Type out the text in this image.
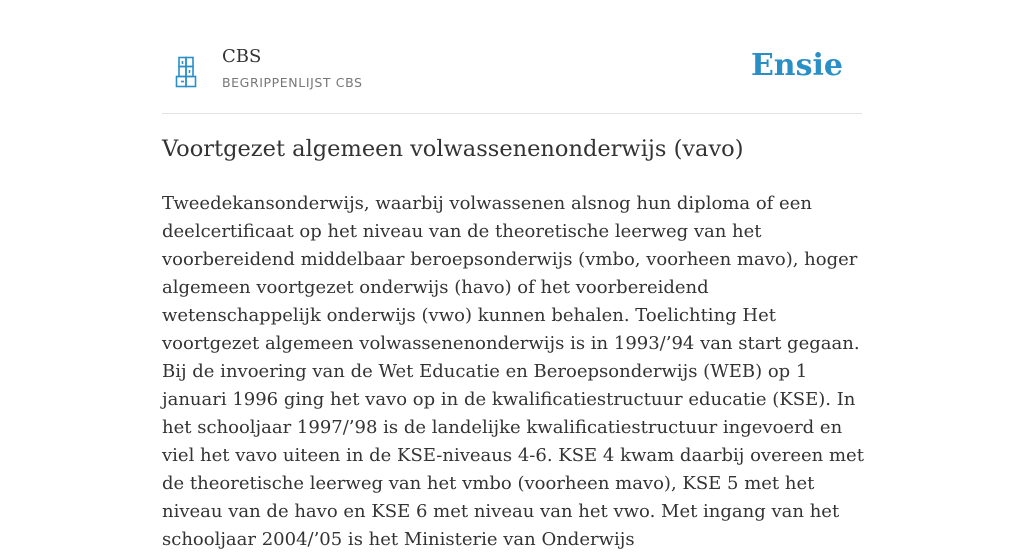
CBS
BEGRIPPENLIJST CBS	Ensie
Voortgezet algemeen volwassenenonderwijs (vavo)

Tweedekansonderwijs, waarbij volwassenen alsnog hun diploma of een deelcertificaat op het niveau van de theoretische leerweg van het voorbereidend middelbaar beroepsonderwijs (vmbo, voorheen mavo), hoger algemeen voortgezet onderwijs (havo) of het voorbereidend wetenschappelijk onderwijs (vwo) kunnen behalen. Toelichting Het voortgezet algemeen volwassenenonderwijs is in 1993/’94 van start gegaan. Bij de invoering van de Wet Educatie en Beroepsonderwijs (WEB) op 1 januari 1996 ging het vavo op in de kwalificatiestructuur educatie (KSE). In het schooljaar 1997/’98 is de landelijke kwalificatiestructuur ingevoerd en viel het vavo uiteen in de KSE-niveaus 4-6. KSE 4 kwam daarbij overeen met de theoretische leerweg van het vmbo (voorheen mavo), KSE 5 met het niveau van de havo en KSE 6 met niveau van het vwo. Met ingang van het schooljaar 2004/’05 is het Ministerie van Onderwijs
